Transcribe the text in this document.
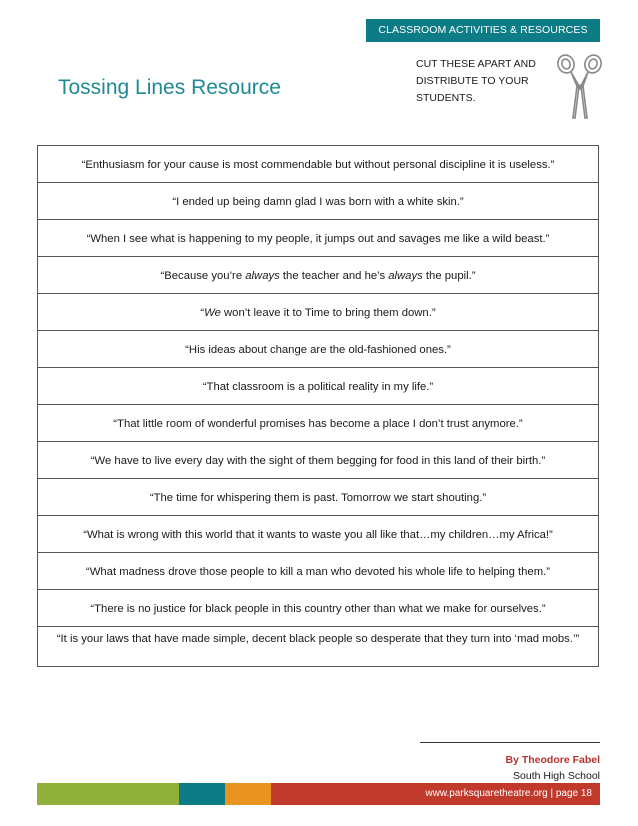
CLASSROOM ACTIVITIES & RESOURCES
Tossing Lines Resource
CUT THESE APART AND DISTRIBUTE TO YOUR STUDENTS.
“Enthusiasm for your cause is most commendable but without personal discipline it is useless.”
“I ended up being damn glad I was born with a white skin.”
“When I see what is happening to my people, it jumps out and savages me like a wild beast.”
“Because you’re always the teacher and he’s always the pupil.”
“We won’t leave it to Time to bring them down.”
“His ideas about change are the old-fashioned ones.”
“That classroom is a political reality in my life.”
“That little room of wonderful promises has become a place I don’t trust anymore.”
“We have to live every day with the sight of them begging for food in this land of their birth.”
“The time for whispering them is past. Tomorrow we start shouting.”
“What is wrong with this world that it wants to waste you all like that…my children…my Africa!”
“What madness drove those people to kill a man who devoted his whole life to helping them.”
“There is no justice for black people in this country other than what we make for ourselves.”
“It is your laws that have made simple, decent black people so desperate that they turn into ‘mad mobs.’”
By Theodore Fabel
South High School
www.parksquaretheatre.org | page 18
